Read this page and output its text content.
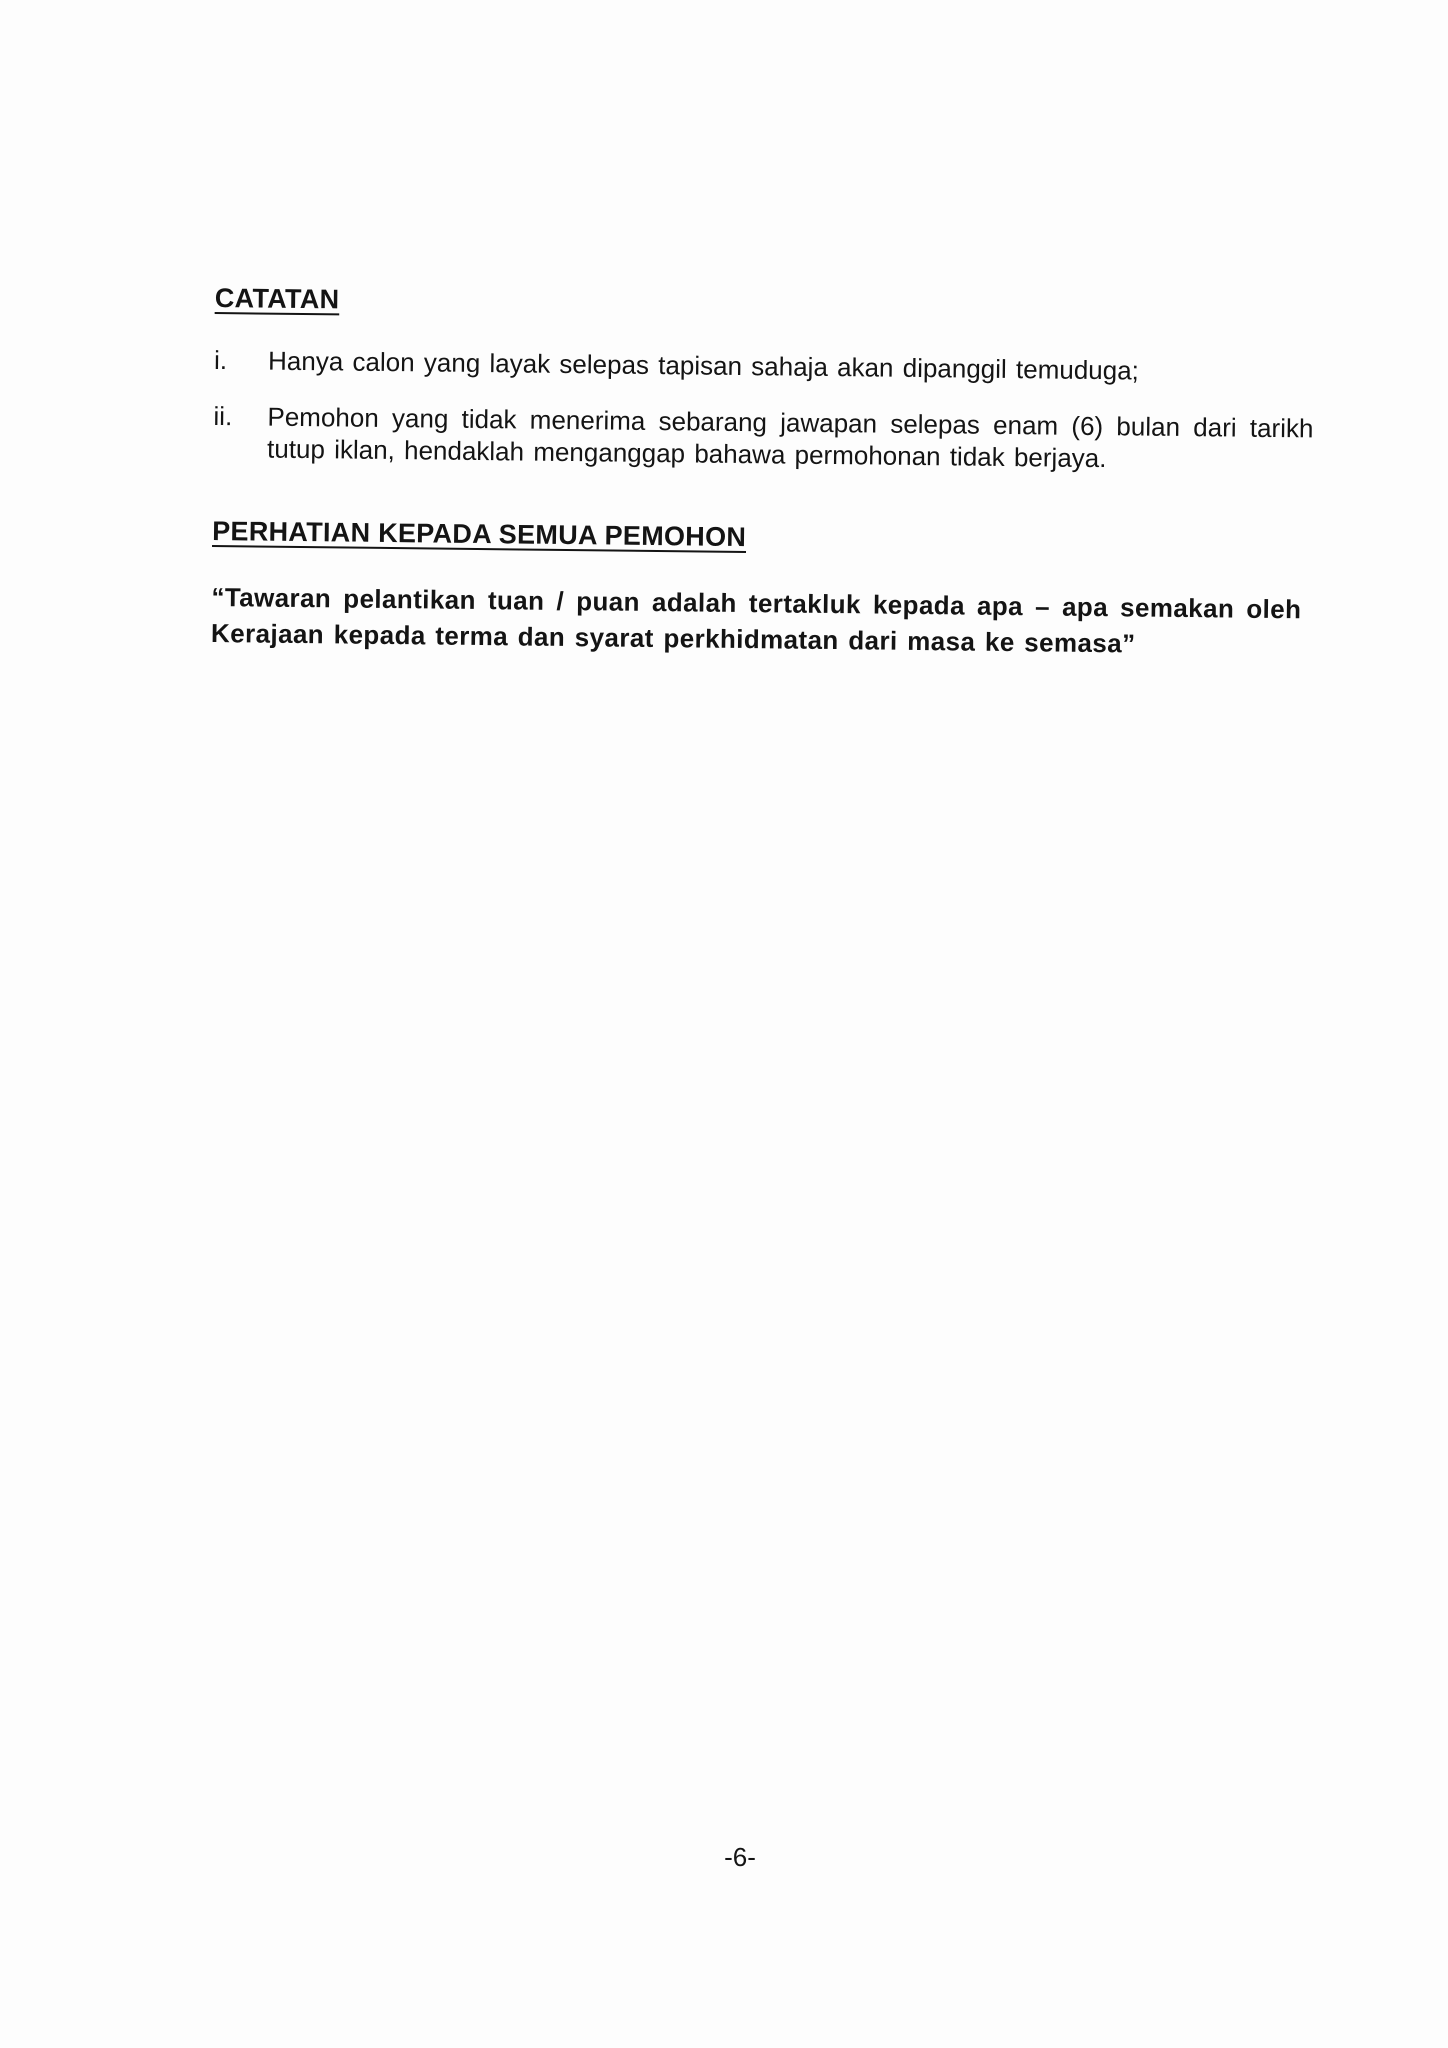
CATATAN
i.	Hanya calon yang layak selepas tapisan sahaja akan dipanggil temuduga;
ii.	Pemohon yang tidak menerima sebarang jawapan selepas enam (6) bulan dari tarikh tutup iklan, hendaklah menganggap bahawa permohonan tidak berjaya.
PERHATIAN KEPADA SEMUA PEMOHON

“Tawaran pelantikan tuan / puan adalah tertakluk kepada apa – apa semakan oleh Kerajaan kepada terma dan syarat perkhidmatan dari masa ke semasa”

-6-
